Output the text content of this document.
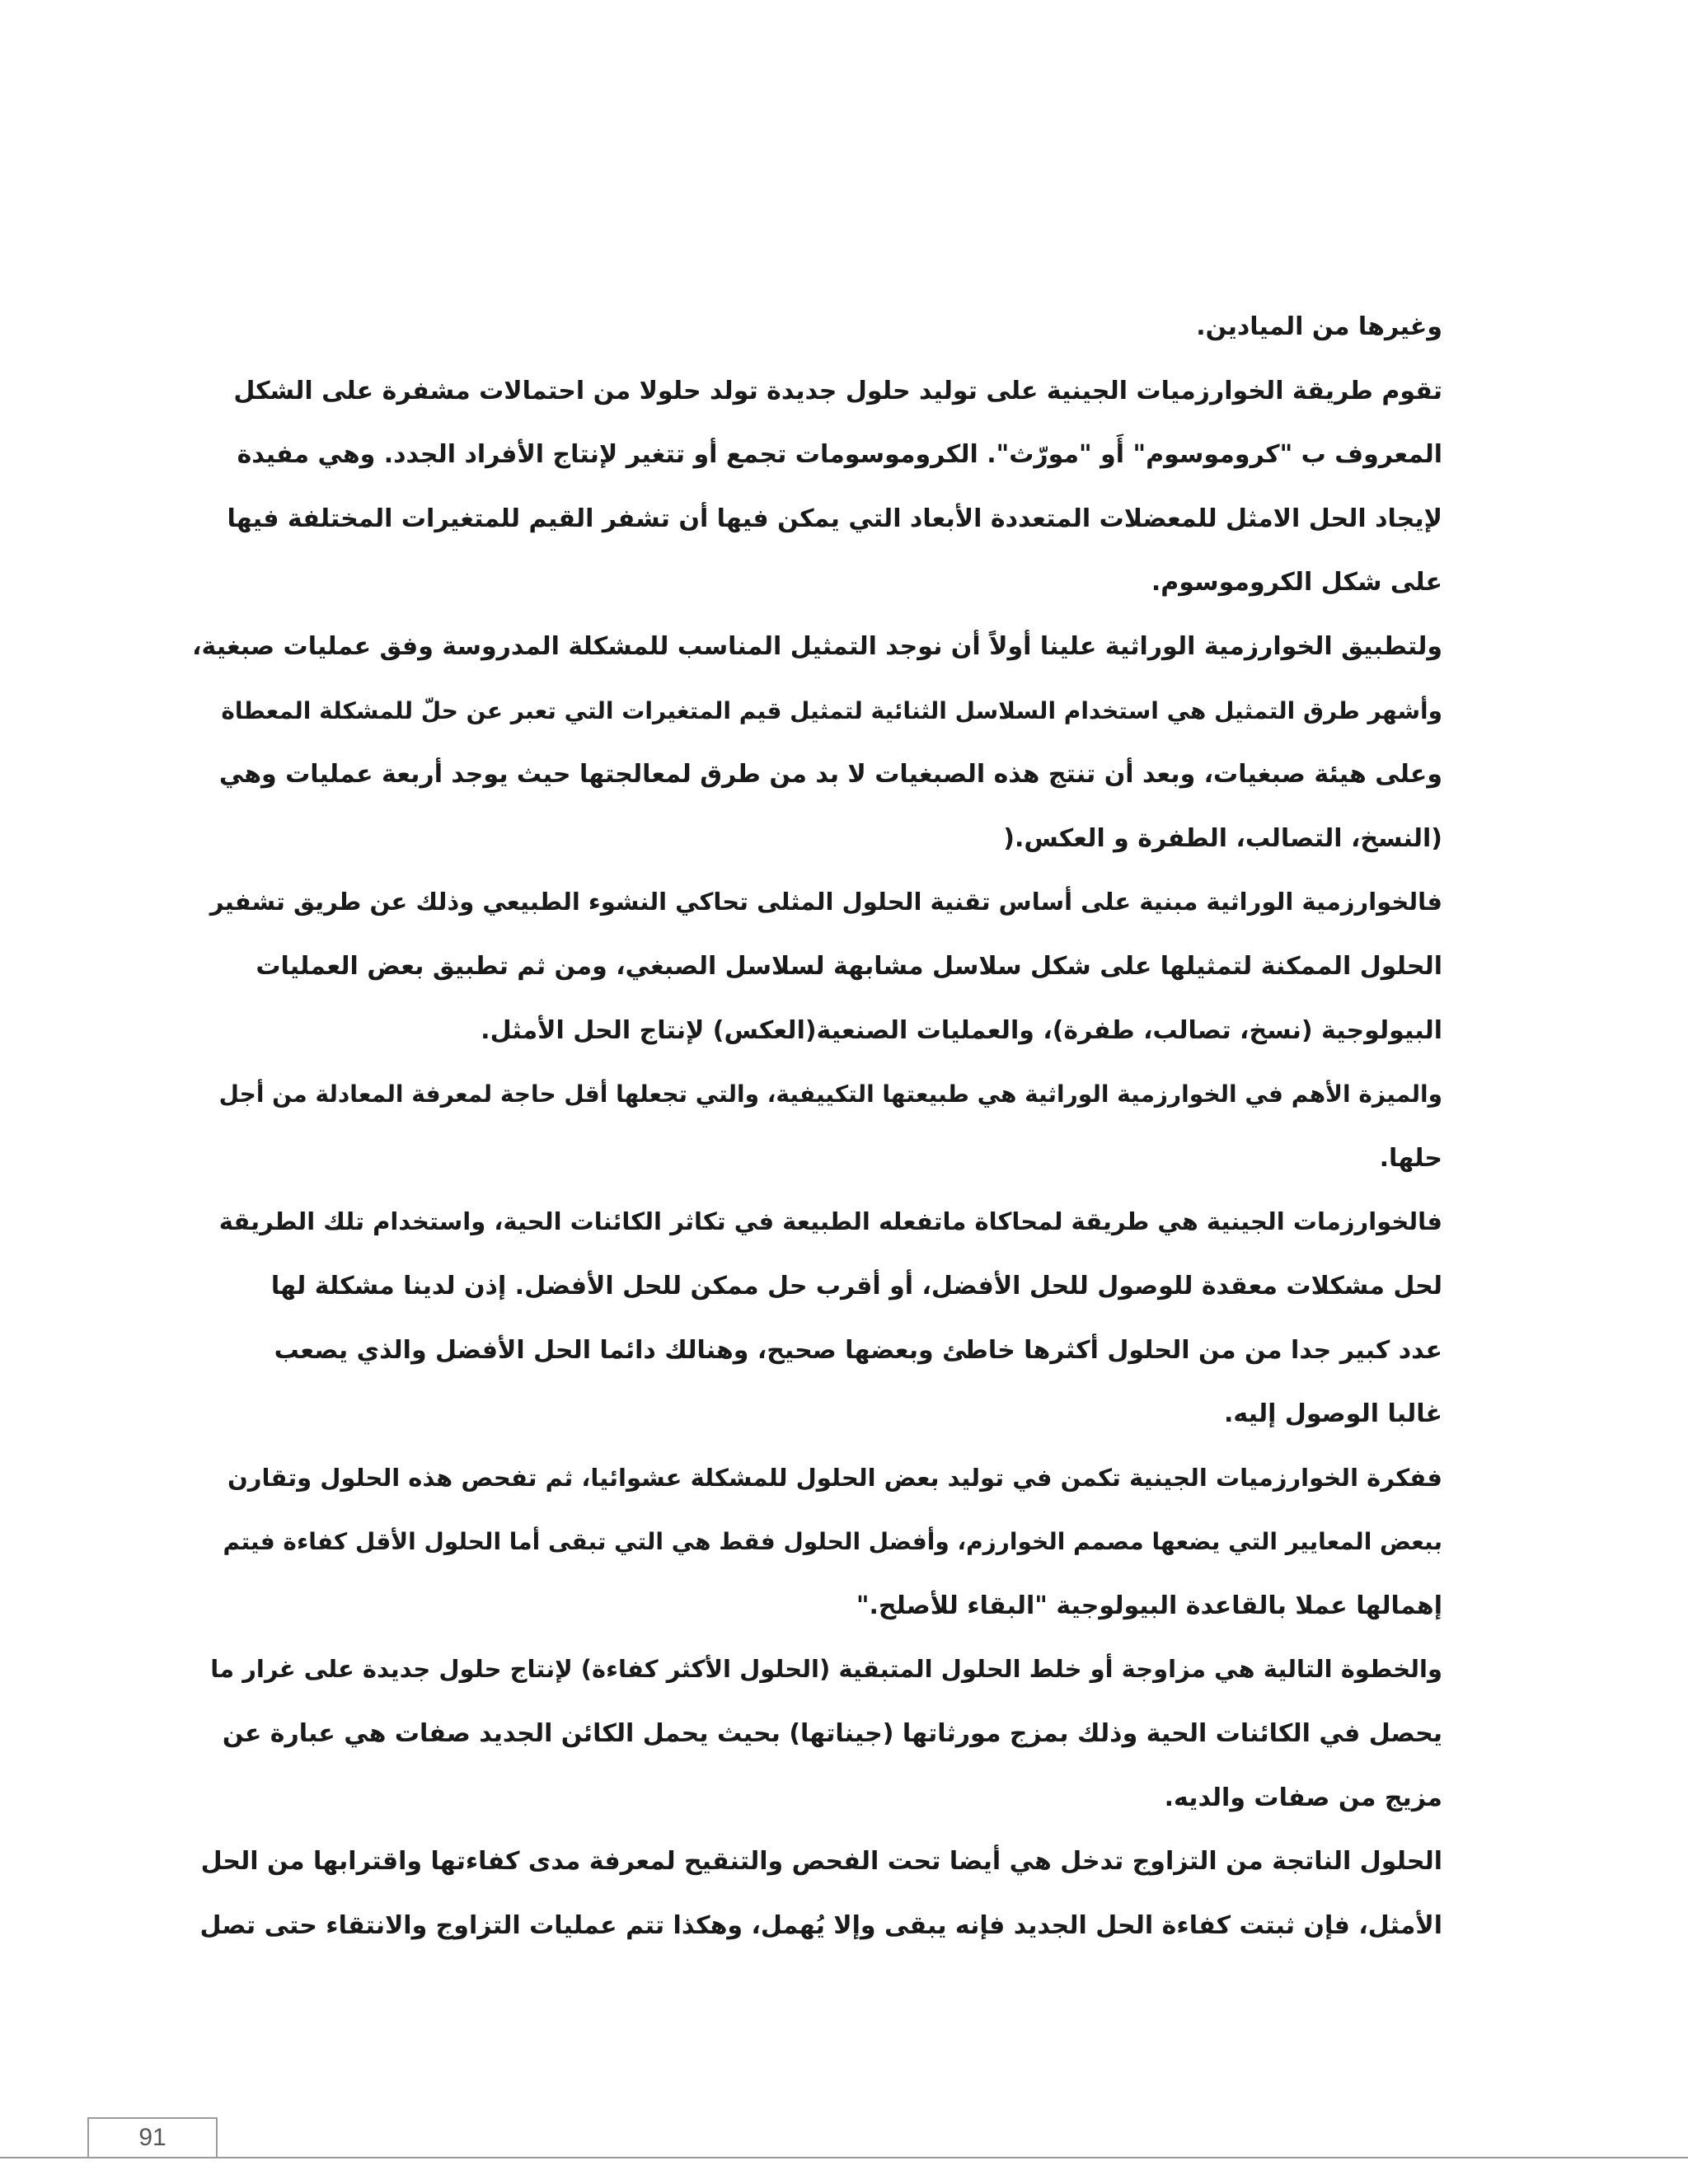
وغيرها من الميادين.
تقوم طريقة الخوارزميات الجينية على توليد حلول جديدة تولد حلولا من احتمالات مشفرة على الشكل
المعروف ب "كروموسوم" أَو "مورّث". الكروموسومات تجمع أو تتغير لإنتاج الأفراد الجدد. وهي مفيدة
لإيجاد الحل الامثل للمعضلات المتعددة الأبعاد التي يمكن فيها أن تشفر القيم للمتغيرات المختلفة فيها
على شكل الكروموسوم.
ولتطبيق الخوارزمية الوراثية علينا أولاً أن نوجد التمثيل المناسب للمشكلة المدروسة وفق عمليات صبغية،
وأشهر طرق التمثيل هي استخدام السلاسل الثنائية لتمثيل قيم المتغيرات التي تعبر عن حلّ للمشكلة المعطاة
وعلى هيئة صبغيات، وبعد أن تنتج هذه الصبغيات لا بد من طرق لمعالجتها حيث يوجد أربعة عمليات وهي
(النسخ، التصالب، الطفرة و العكس.(
فالخوارزمية الوراثية مبنية على أساس تقنية الحلول المثلى تحاكي النشوء الطبيعي وذلك عن طريق تشفير
الحلول الممكنة لتمثيلها على شكل سلاسل مشابهة لسلاسل الصبغي، ومن ثم تطبيق بعض العمليات
البيولوجية (نسخ، تصالب، طفرة)، والعمليات الصنعية(العكس) لإنتاج الحل الأمثل.
والميزة الأهم في الخوارزمية الوراثية هي طبيعتها التكييفية، والتي تجعلها أقل حاجة لمعرفة المعادلة من أجل
حلها.
فالخوارزمات الجينية هي طريقة لمحاكاة ماتفعله الطبيعة في تكاثر الكائنات الحية، واستخدام تلك الطريقة
لحل مشكلات معقدة للوصول للحل الأفضل، أو أقرب حل ممكن للحل الأفضل. إذن لدينا مشكلة لها
عدد كبير جدا من من الحلول أكثرها خاطئ وبعضها صحيح، وهنالك دائما الحل الأفضل والذي يصعب
غالبا الوصول إليه.
ففكرة الخوارزميات الجينية تكمن في توليد بعض الحلول للمشكلة عشوائيا، ثم تفحص هذه الحلول وتقارن
ببعض المعايير التي يضعها مصمم الخوارزم، وأفضل الحلول فقط هي التي تبقى أما الحلول الأقل كفاءة فيتم
إهمالها عملا بالقاعدة البيولوجية "البقاء للأصلح."
والخطوة التالية هي مزاوجة أو خلط الحلول المتبقية (الحلول الأكثر كفاءة) لإنتاج حلول جديدة على غرار ما
يحصل في الكائنات الحية وذلك بمزج مورثاتها (جيناتها) بحيث يحمل الكائن الجديد صفات هي عبارة عن
مزيج من صفات والديه.
الحلول الناتجة من التزاوج تدخل هي أيضا تحت الفحص والتنقيح لمعرفة مدى كفاءتها واقترابها من الحل
الأمثل، فإن ثبتت كفاءة الحل الجديد فإنه يبقى وإلا يُهمل، وهكذا تتم عمليات التزاوج والانتقاء حتى تصل
91
